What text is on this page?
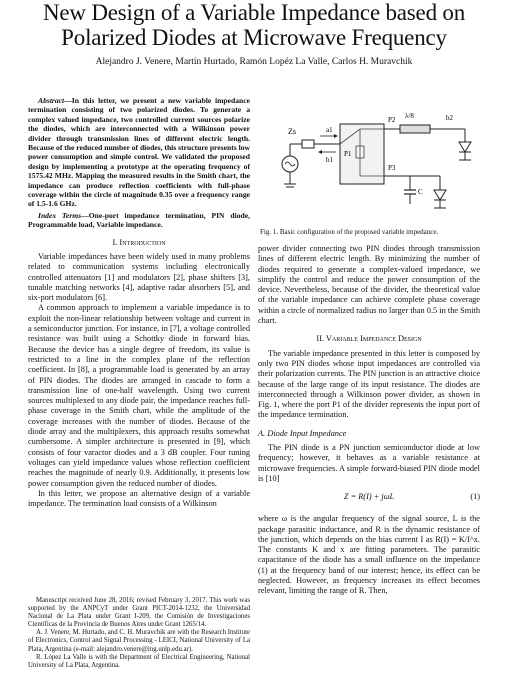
New Design of a Variable Impedance based on
Polarized Diodes at Microwave Frequency
Alejandro J. Venere, Martín Hurtado, Ramón Lopéz La Valle, Carlos H. Muravchik

Abstract—In this letter, we present a new variable impedance termination consisting of two polarized diodes. To generate a complex valued impedance, two controlled current sources polarize the diodes, which are interconnected with a Wilkinson power divider through transmission lines of different electric length. Because of the reduced number of diodes, this structure presents low power consumption and simple control. We validated the proposed design by implementing a prototype at the operating frequency of 1575.42 MHz. Mapping the measured results in the Smith chart, the impedance can produce reflection coefficients with full-phase coverage within the circle of magnitude 0.35 over a frequency range of 1.5-1.6 GHz.

Index Terms—One-port impedance termination, PIN diode, Programmable load, Variable impedance.

I. Introduction

Variable impedances have been widely used in many problems related to communication systems including electronically controlled attenuators [1] and modulators [2], phase shifters [3], tunable matching networks [4], adaptive radar absorbers [5], and six-port modulators [6].

A common approach to implement a variable impedance is to exploit the non-linear relationship between voltage and current in a semiconductor junction. For instance, in [7], a voltage controlled resistance was built using a Schottky diode in forward bias. Because the device has a single degree of freedom, its value is restricted to a line in the complex plane of the reflection coefficient. In [8], a programmable load is generated by an array of PIN diodes. The diodes are arranged in cascade to form a transmission line of one-half wavelength. Using two current sources multiplexed to any diode pair, the impedance reaches full-phase coverage in the Smith chart, while the amplitude of the coverage increases with the number of diodes. Because of the diode array and the multiplexers, this approach results somewhat cumbersome. A simpler architecture is presented in [9], which consists of four varactor diodes and a 3 dB coupler. Four tuning voltages can yield impedance values whose reflection coefficient reaches the magnitude of nearly 0.9. Additionally, it presents low power consumption given the reduced number of diodes.

In this letter, we propose an alternative design of a variable impedance. The termination load consists of a Wilkinson

Manuscript received June 28, 2016; revised February 3, 2017. This work was supported by the ANPCyT under Grant PICT-2014-1232, the Universidad Nacional de La Plata under Grant I-209, the Comisión de Investigaciones Científicas de la Provincia de Buenos Aires under Grant 1265/14.

A. J. Venere, M. Hurtado, and C. H. Muravchik are with the Research Institute of Electronics, Control and Signal Processing - LEICI, National University of La Plata, Argentina (e-mail: alejandro.venere@ing.unlp.edu.ar).

R. López La Valle is with the Department of Electrical Engineering, National University of La Plata, Argentina.

Zs	a1
b1
P1
P2
P3
λ/8	b2
C
Fig. 1. Basic configuration of the proposed variable impedance.

power divider connecting two PIN diodes through transmission lines of different electric length. By minimizing the number of diodes required to generate a complex-valued impedance, we simplify the control and reduce the power consumption of the device. Nevertheless, because of the divider, the theoretical value of the variable impedance can achieve complete phase coverage within a circle of normalized radius no larger than 0.5 in the Smith chart.

II. Variable Impedance Design

The variable impedance presented in this letter is composed by only two PIN diodes whose input impedances are controlled via their polarization currents. The PIN junction is an attractive choice because of the large range of its input resistance. The diodes are interconnected through a Wilkinson power divider, as shown in Fig. 1, where the port P1 of the divider represents the input port of the impedance termination.

A. Diode Input Impedance

The PIN diode is a PN junction semiconductor diode at low frequency; however, it behaves as a variable resistance at microwave frequencies. A simple forward-biased PIN diode model is [10]

Z = R(I) + jωL	(1)

where ω is the angular frequency of the signal source, L is the package parasitic inductance, and R is the dynamic resistance of the junction, which depends on the bias current I as R(I) = K/I^x. The constants K and x are fitting parameters. The parasitic capacitance of the diode has a small influence on the impedance (1) at the frequency band of our interest; hence, its effect can be neglected. However, as frequency increases its effect becomes relevant, limiting the range of R. Then,
